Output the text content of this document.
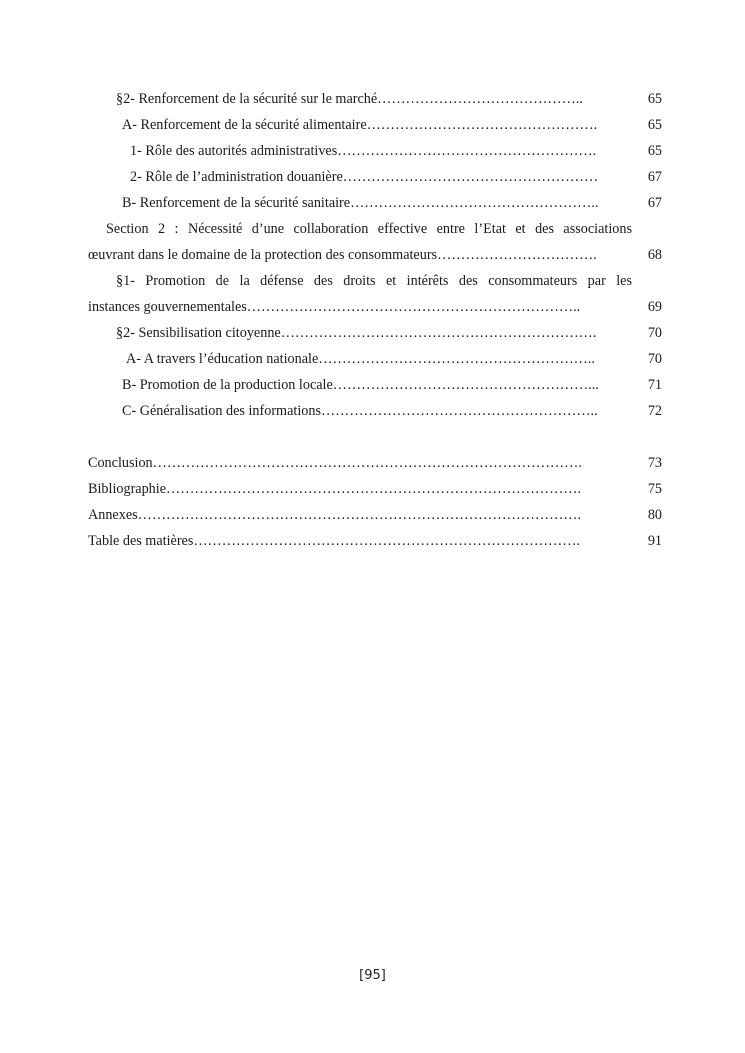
§2- Renforcement de la sécurité sur le marché……………………………………..	65
A- Renforcement de la sécurité alimentaire………………………………………….	65
1- Rôle des autorités administratives……………………………………………….	65
2- Rôle de l’administration douanière………………………………………………	67
B- Renforcement de la sécurité sanitaire……………………………………………..	67
Section 2 : Nécessité d’une collaboration effective entre l’Etat et des associations
œuvrant dans le domaine de la protection des consommateurs…………………………….	68
§1- Promotion de la défense des droits et intérêts des consommateurs par les
instances gouvernementales……………………………………………………………..	69
§2- Sensibilisation citoyenne………………………………………………………….	70
A- A travers l’éducation nationale…………………………………………………..	70
B- Promotion de la production locale………………………………………………...	71
C- Généralisation des informations…………………………………………………..	72
Conclusion……………………………………………………………………………….	73
Bibliographie…………………………………………………………………………….	75
Annexes………………………………………………………………………………….	80
Table des matières……………………………………………………………………….	91
[95]
